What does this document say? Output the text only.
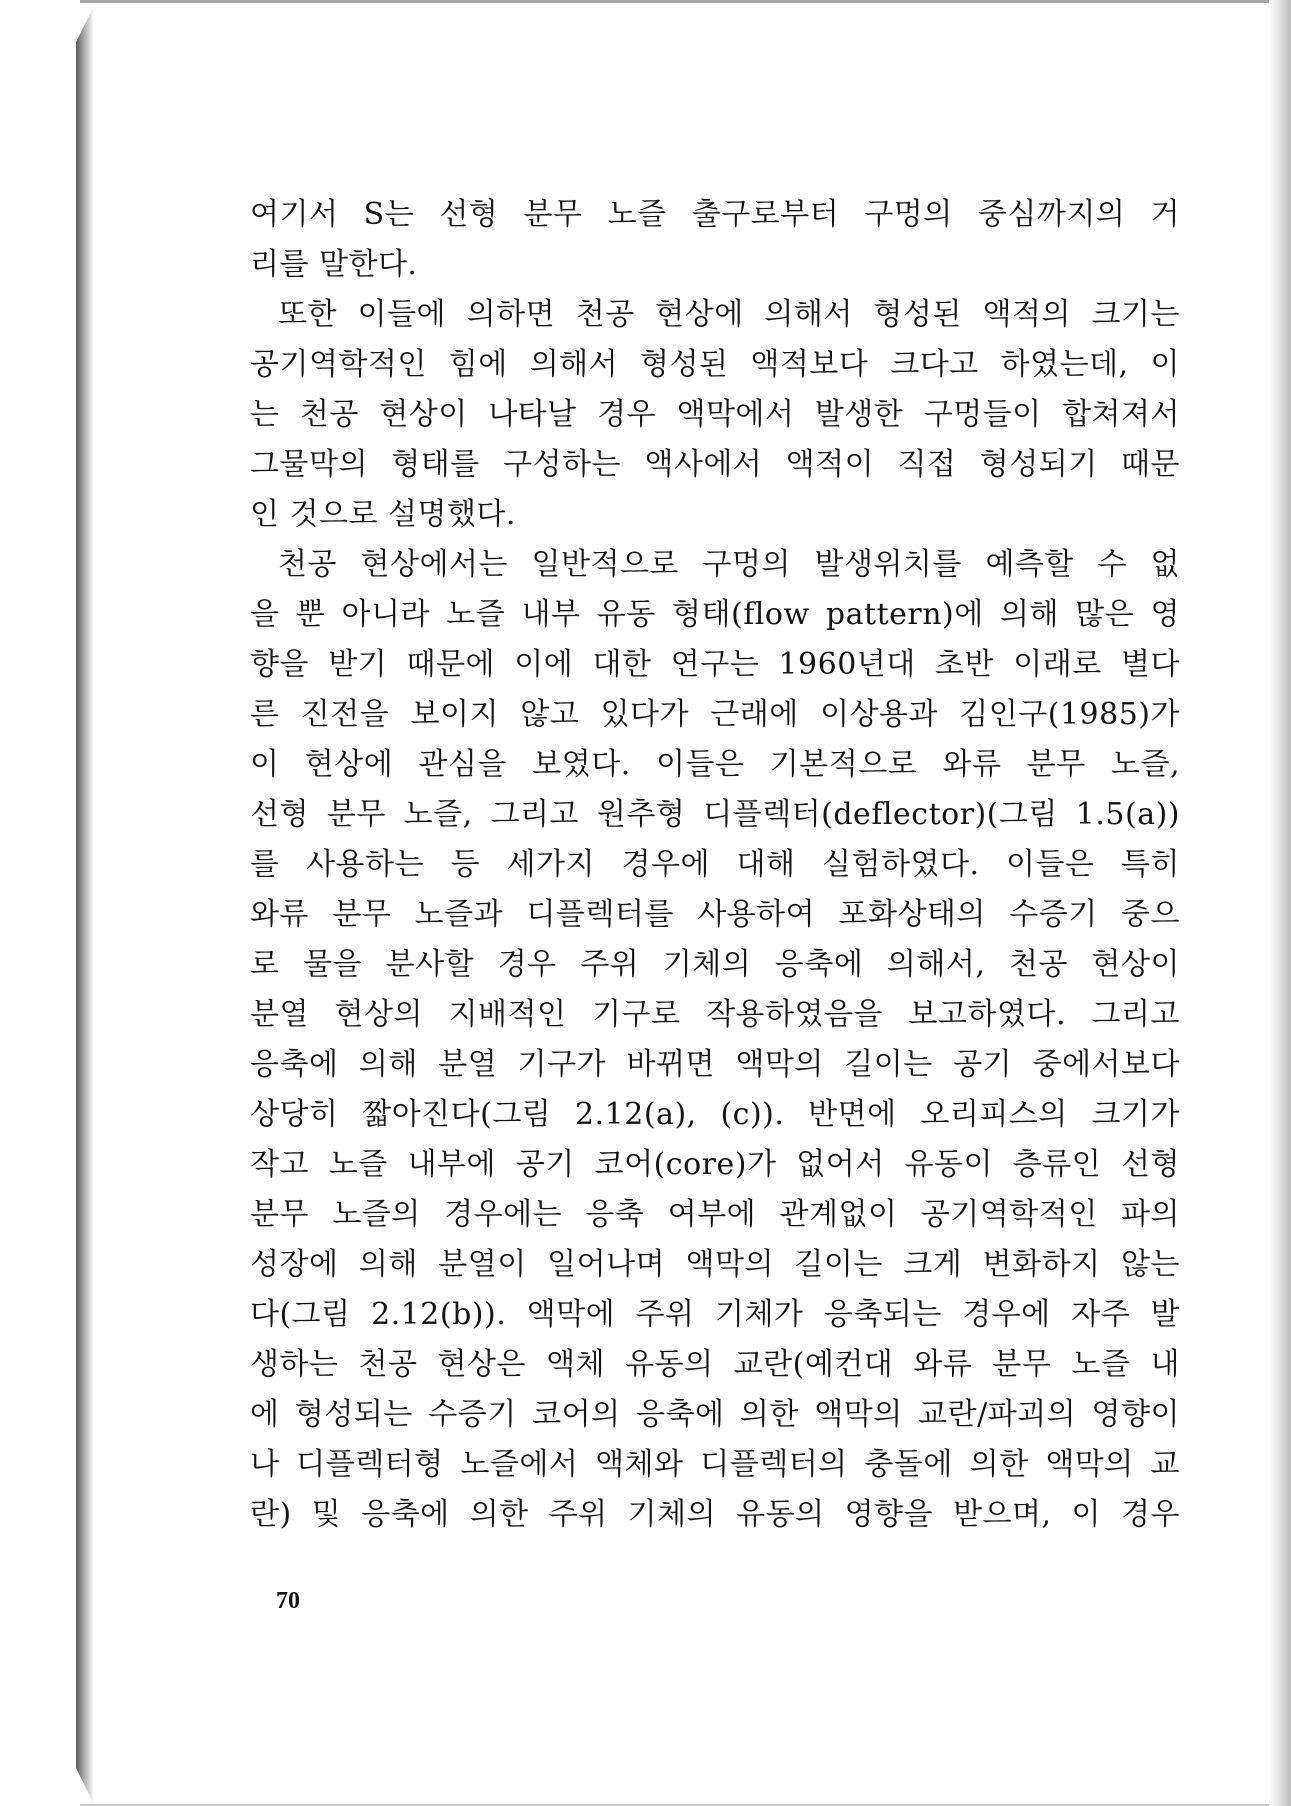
여기서 S는 선형 분무 노즐 출구로부터 구멍의 중심까지의 거
리를 말한다.
또한 이들에 의하면 천공 현상에 의해서 형성된 액적의 크기는
공기역학적인 힘에 의해서 형성된 액적보다 크다고 하였는데, 이
는 천공 현상이 나타날 경우 액막에서 발생한 구멍들이 합쳐져서
그물막의 형태를 구성하는 액사에서 액적이 직접 형성되기 때문
인 것으로 설명했다.
천공 현상에서는 일반적으로 구멍의 발생위치를 예측할 수 없
을 뿐 아니라 노즐 내부 유동 형태(flow pattern)에 의해 많은 영
향을 받기 때문에 이에 대한 연구는 1960년대 초반 이래로 별다
른 진전을 보이지 않고 있다가 근래에 이상용과 김인구(1985)가
이 현상에 관심을 보였다. 이들은 기본적으로 와류 분무 노즐,
선형 분무 노즐, 그리고 원추형 디플렉터(deflector)(그림 1.5(a))
를 사용하는 등 세가지 경우에 대해 실험하였다. 이들은 특히
와류 분무 노즐과 디플렉터를 사용하여 포화상태의 수증기 중으
로 물을 분사할 경우 주위 기체의 응축에 의해서, 천공 현상이
분열 현상의 지배적인 기구로 작용하였음을 보고하였다. 그리고
응축에 의해 분열 기구가 바뀌면 액막의 길이는 공기 중에서보다
상당히 짧아진다(그림 2.12(a), (c)). 반면에 오리피스의 크기가
작고 노즐 내부에 공기 코어(core)가 없어서 유동이 층류인 선형
분무 노즐의 경우에는 응축 여부에 관계없이 공기역학적인 파의
성장에 의해 분열이 일어나며 액막의 길이는 크게 변화하지 않는
다(그림 2.12(b)). 액막에 주위 기체가 응축되는 경우에 자주 발
생하는 천공 현상은 액체 유동의 교란(예컨대 와류 분무 노즐 내
에 형성되는 수증기 코어의 응축에 의한 액막의 교란/파괴의 영향이
나 디플렉터형 노즐에서 액체와 디플렉터의 충돌에 의한 액막의 교
란) 및 응축에 의한 주위 기체의 유동의 영향을 받으며, 이 경우
70
